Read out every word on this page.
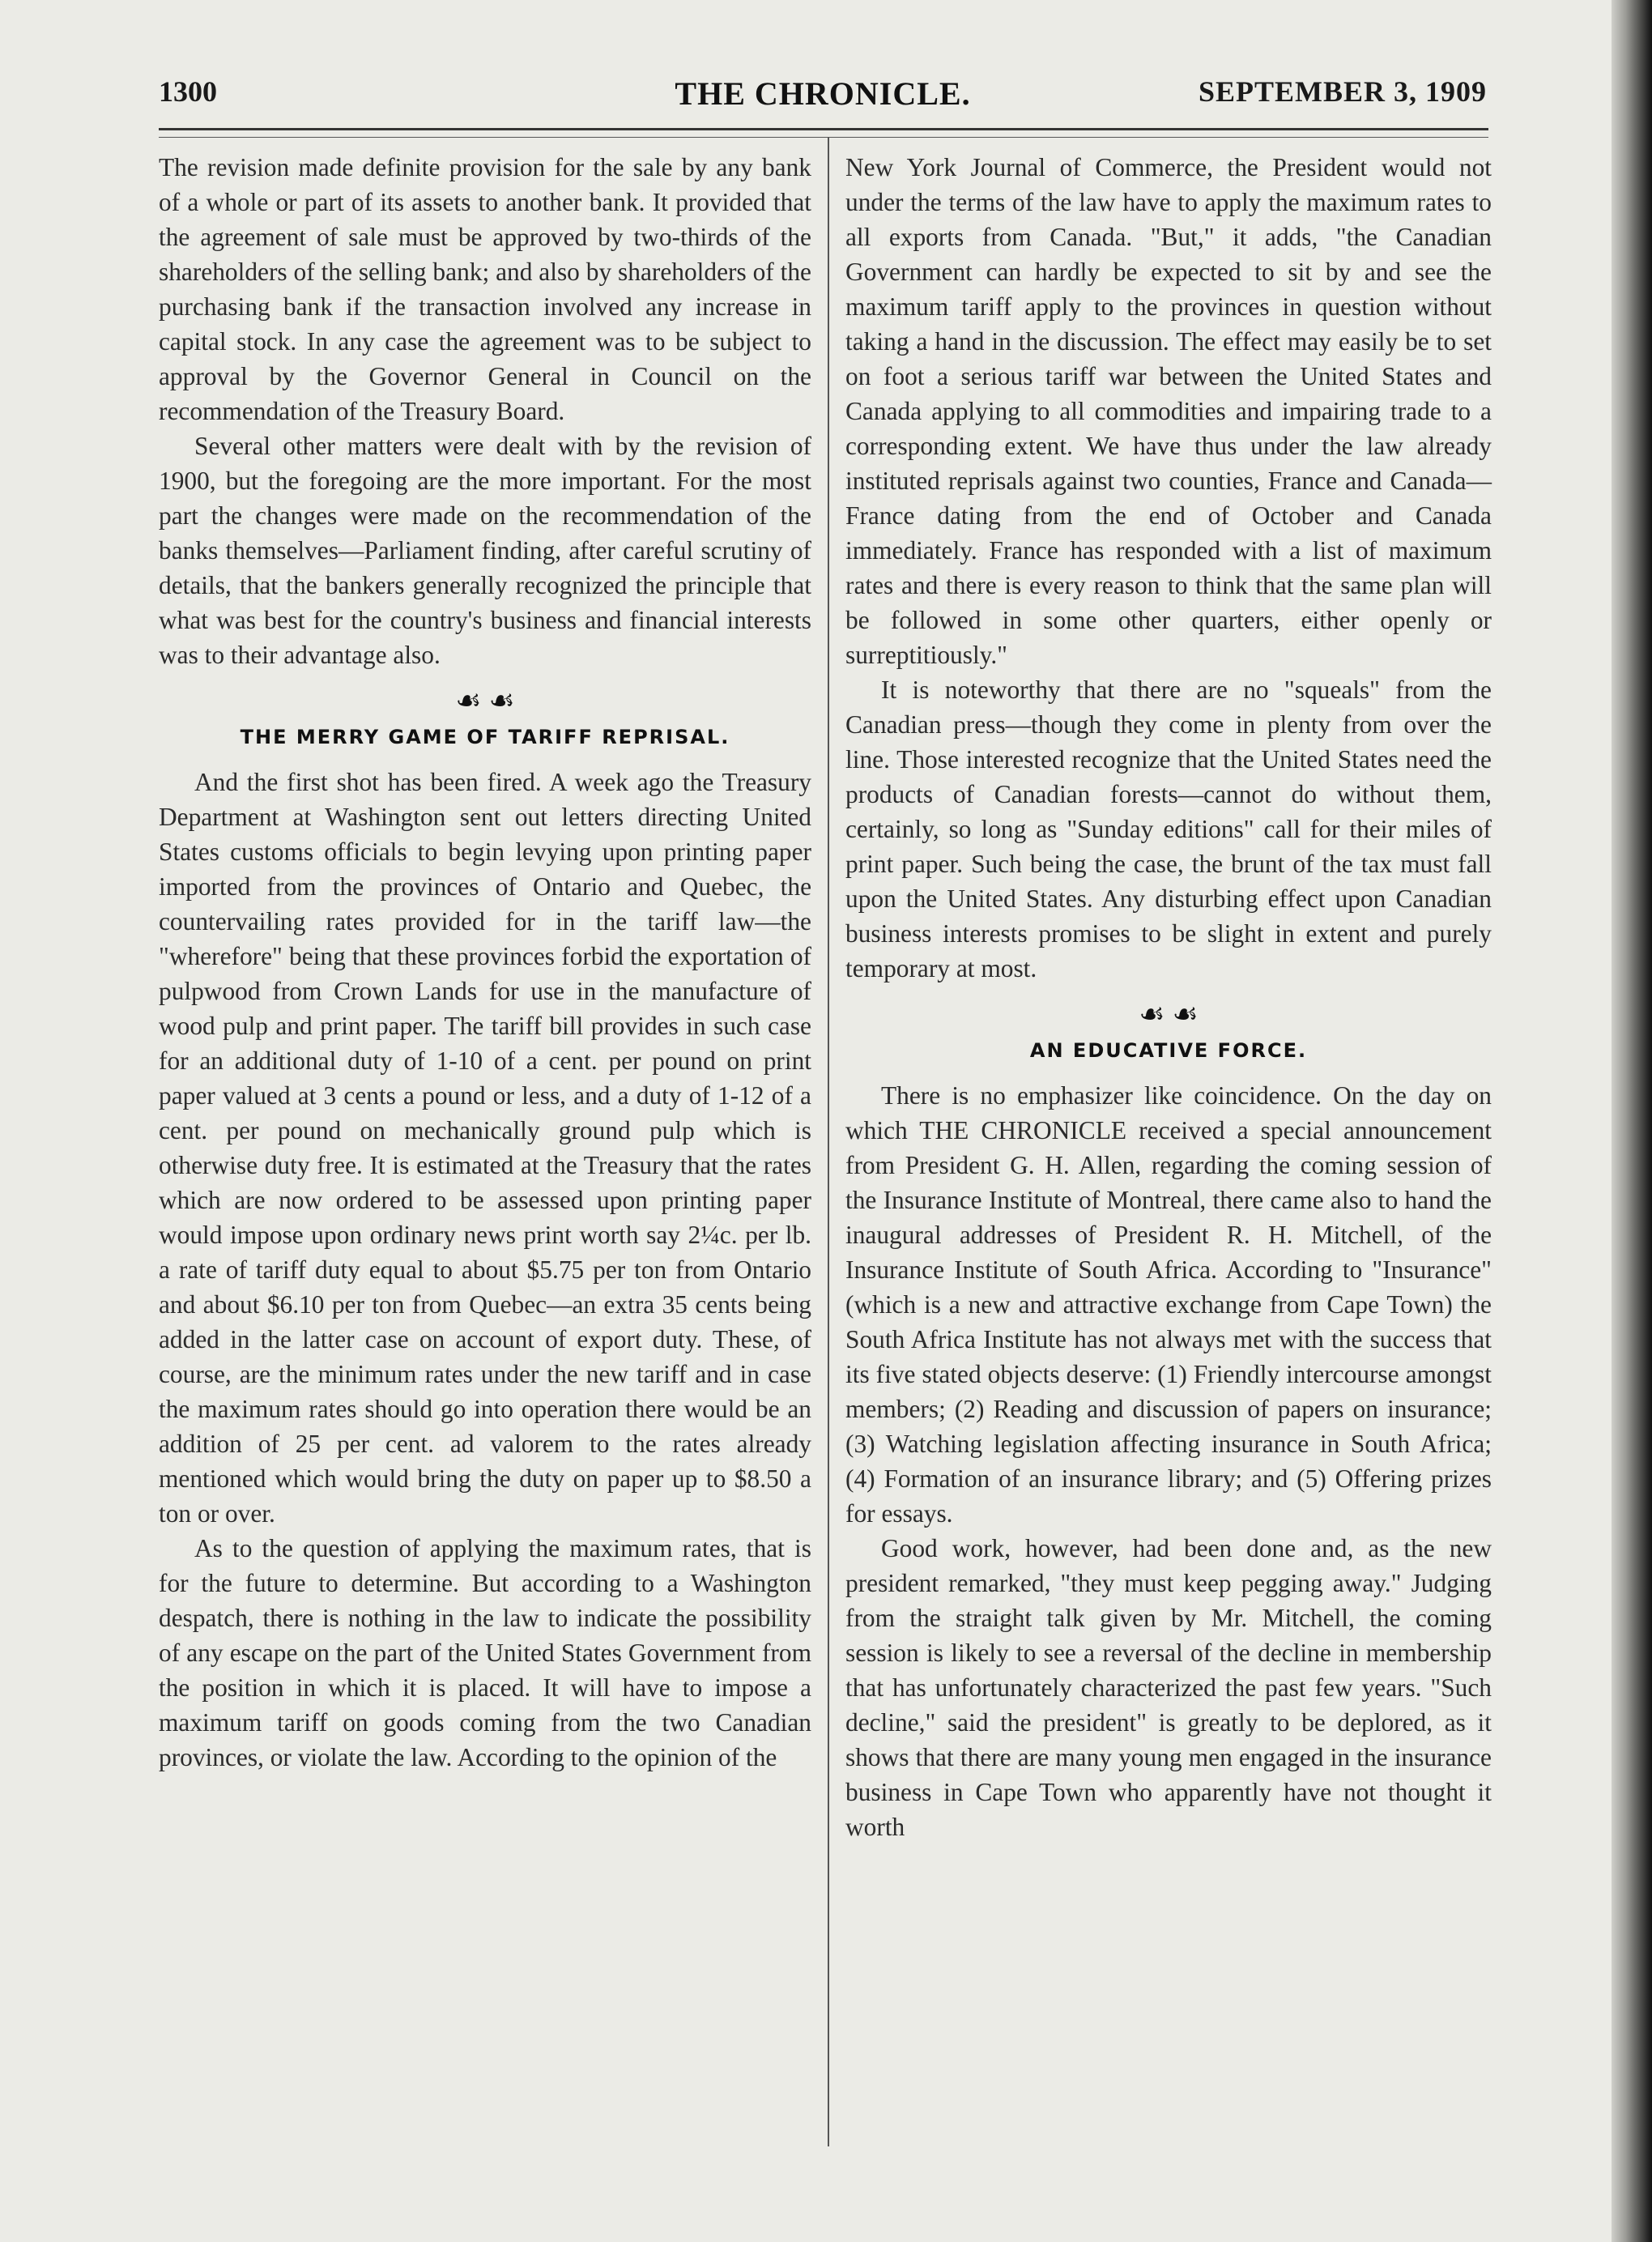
1300	THE CHRONICLE.	SEPTEMBER 3, 1909

The revision made definite provision for the sale by any bank of a whole or part of its assets to another bank. It provided that the agreement of sale must be approved by two-thirds of the shareholders of the selling bank; and also by shareholders of the purchasing bank if the transaction involved any increase in capital stock. In any case the agreement was to be subject to approval by the Governor General in Council on the recommendation of the Treasury Board.

Several other matters were dealt with by the revision of 1900, but the foregoing are the more important. For the most part the changes were made on the recommendation of the banks themselves—Parliament finding, after careful scrutiny of details, that the bankers generally recognized the principle that what was best for the country's business and financial interests was to their advantage also.

☙ ☙
THE MERRY GAME OF TARIFF REPRISAL.

And the first shot has been fired. A week ago the Treasury Department at Washington sent out letters directing United States customs officials to begin levying upon printing paper imported from the provinces of Ontario and Quebec, the countervailing rates provided for in the tariff law—the "wherefore" being that these provinces forbid the exportation of pulpwood from Crown Lands for use in the manufacture of wood pulp and print paper. The tariff bill provides in such case for an additional duty of 1-10 of a cent. per pound on print paper valued at 3 cents a pound or less, and a duty of 1-12 of a cent. per pound on mechanically ground pulp which is otherwise duty free. It is estimated at the Treasury that the rates which are now ordered to be assessed upon printing paper would impose upon ordinary news print worth say 2¼c. per lb. a rate of tariff duty equal to about $5.75 per ton from Ontario and about $6.10 per ton from Quebec—an extra 35 cents being added in the latter case on account of export duty. These, of course, are the minimum rates under the new tariff and in case the maximum rates should go into operation there would be an addition of 25 per cent. ad valorem to the rates already mentioned which would bring the duty on paper up to $8.50 a ton or over.

As to the question of applying the maximum rates, that is for the future to determine. But according to a Washington despatch, there is nothing in the law to indicate the possibility of any escape on the part of the United States Government from the position in which it is placed. It will have to impose a maximum tariff on goods coming from the two Canadian provinces, or violate the law. According to the opinion of the

New York Journal of Commerce, the President would not under the terms of the law have to apply the maximum rates to all exports from Canada. "But," it adds, "the Canadian Government can hardly be expected to sit by and see the maximum tariff apply to the provinces in question without taking a hand in the discussion. The effect may easily be to set on foot a serious tariff war between the United States and Canada applying to all commodities and impairing trade to a corresponding extent. We have thus under the law already instituted reprisals against two counties, France and Canada—France dating from the end of October and Canada immediately. France has responded with a list of maximum rates and there is every reason to think that the same plan will be followed in some other quarters, either openly or surreptitiously."

It is noteworthy that there are no "squeals" from the Canadian press—though they come in plenty from over the line. Those interested recognize that the United States need the products of Canadian forests—cannot do without them, certainly, so long as "Sunday editions" call for their miles of print paper. Such being the case, the brunt of the tax must fall upon the United States. Any disturbing effect upon Canadian business interests promises to be slight in extent and purely temporary at most.

☙ ☙
AN EDUCATIVE FORCE.

There is no emphasizer like coincidence. On the day on which THE CHRONICLE received a special announcement from President G. H. Allen, regarding the coming session of the Insurance Institute of Montreal, there came also to hand the inaugural addresses of President R. H. Mitchell, of the Insurance Institute of South Africa. According to "Insurance" (which is a new and attractive exchange from Cape Town) the South Africa Institute has not always met with the success that its five stated objects deserve: (1) Friendly intercourse amongst members; (2) Reading and discussion of papers on insurance; (3) Watching legislation affecting insurance in South Africa; (4) Formation of an insurance library; and (5) Offering prizes for essays.

Good work, however, had been done and, as the new president remarked, "they must keep pegging away." Judging from the straight talk given by Mr. Mitchell, the coming session is likely to see a reversal of the decline in membership that has unfortunately characterized the past few years. "Such decline," said the president" is greatly to be deplored, as it shows that there are many young men engaged in the insurance business in Cape Town who apparently have not thought it worth
